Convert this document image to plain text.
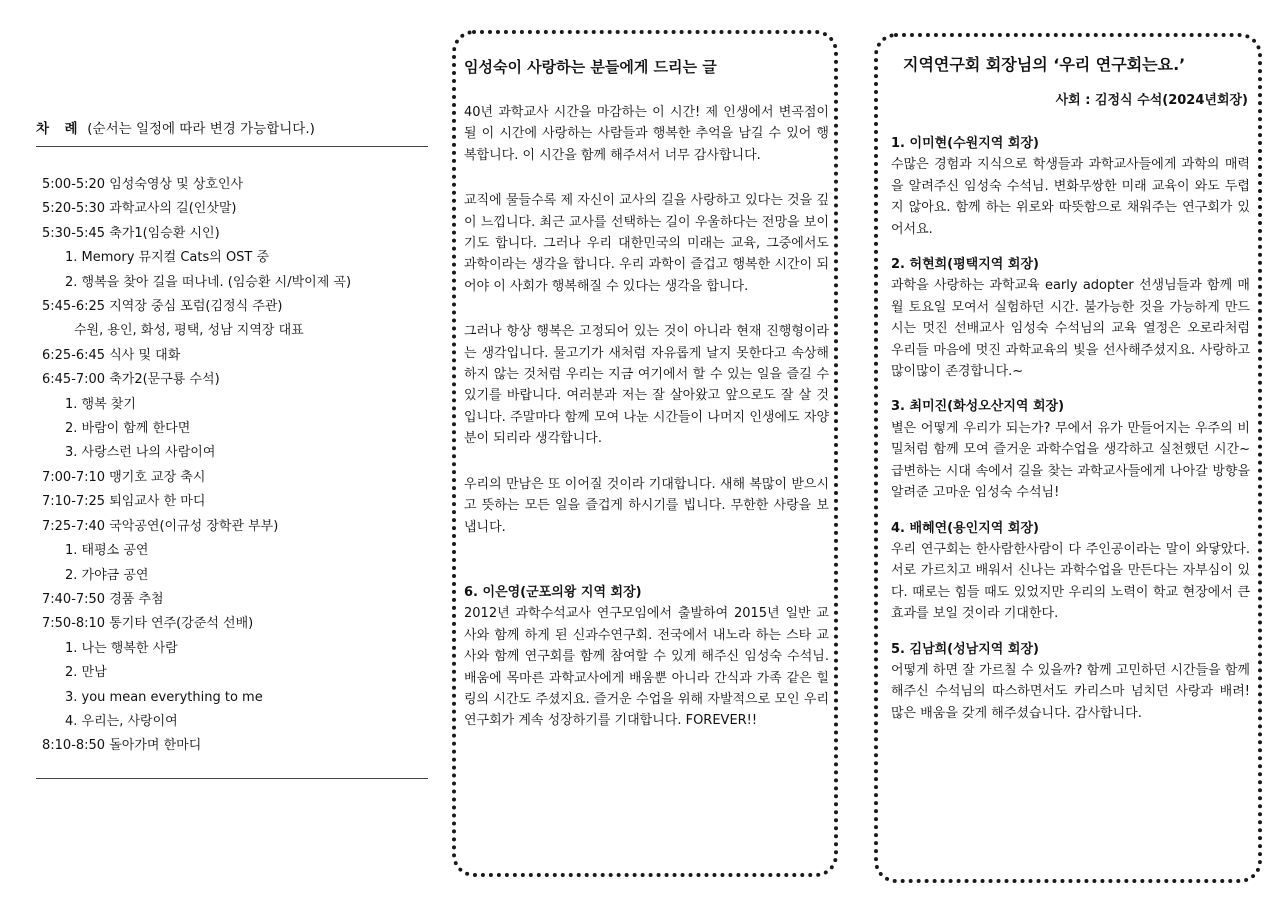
차 례 (순서는 일정에 따라 변경 가능합니다.)
5:00-5:20 임성숙영상 및 상호인사
5:20-5:30 과학교사의 길(인삿말)
5:30-5:45 축가1(임승환 시인)
1. Memory 뮤지컬 Cats의 OST 중
2. 행복을 찾아 길을 떠나네. (임승환 시/박이제 곡)
5:45-6:25 지역장 중심 포럼(김정식 주관)
수원, 용인, 화성, 평택, 성남 지역장 대표
6:25-6:45 식사 및 대화
6:45-7:00 축가2(문구룡 수석)
1. 행복 찾기
2. 바람이 함께 한다면
3. 사랑스런 나의 사람이여
7:00-7:10 맹기호 교장 축시
7:10-7:25 퇴임교사 한 마디
7:25-7:40 국악공연(이규성 장학관 부부)
1. 태평소 공연
2. 가야금 공연
7:40-7:50 경품 추첨
7:50-8:10 통기타 연주(강준석 선배)
1. 나는 행복한 사람
2. 만남
3. you mean everything to me
4. 우리는, 사랑이여
8:10-8:50 돌아가며 한마디
임성숙이 사랑하는 분들에게 드리는 글

40년 과학교사 시간을 마감하는 이 시간! 제 인생에서 변곡점이 될 이 시간에 사랑하는 사람들과 행복한 추억을 남길 수 있어 행복합니다. 이 시간을 함께 해주셔서 너무 감사합니다.

교직에 물들수록 제 자신이 교사의 길을 사랑하고 있다는 것을 깊이 느낍니다. 최근 교사를 선택하는 길이 우울하다는 전망을 보이기도 합니다. 그러나 우리 대한민국의 미래는 교육, 그중에서도 과학이라는 생각을 합니다. 우리 과학이 즐겁고 행복한 시간이 되어야 이 사회가 행복해질 수 있다는 생각을 합니다.

그러나 항상 행복은 고정되어 있는 것이 아니라 현재 진행형이라는 생각입니다. 물고기가 새처럼 자유롭게 날지 못한다고 속상해하지 않는 것처럼 우리는 지금 여기에서 할 수 있는 일을 즐길 수 있기를 바랍니다. 여러분과 저는 잘 살아왔고 앞으로도 잘 살 것입니다. 주말마다 함께 모여 나눈 시간들이 나머지 인생에도 자양분이 되리라 생각합니다.

우리의 만남은 또 이어질 것이라 기대합니다. 새해 복많이 받으시고 뜻하는 모든 일을 즐겁게 하시기를 빕니다. 무한한 사랑을 보냅니다.

6. 이은영(군포의왕 지역 회장)

2012년 과학수석교사 연구모임에서 출발하여 2015년 일반 교사와 함께 하게 된 신과수연구회. 전국에서 내노라 하는 스타 교사와 함께 연구회를 함께 참여할 수 있게 해주신 임성숙 수석님. 배움에 목마른 과학교사에게 배움뿐 아니라 간식과 가족 같은 힐링의 시간도 주셨지요. 즐거운 수업을 위해 자발적으로 모인 우리 연구회가 계속 성장하기를 기대합니다. FOREVER!!

지역연구회 회장님의 ‘우리 연구회는요.’

사회 : 김정식 수석(2024년회장)

1. 이미현(수원지역 회장)

수많은 경험과 지식으로 학생들과 과학교사들에게 과학의 매력을 알려주신 임성숙 수석님. 변화무쌍한 미래 교육이 와도 두렵지 않아요. 함께 하는 위로와 따뜻함으로 채워주는 연구회가 있어서요.

2. 허현희(평택지역 회장)

과학을 사랑하는 과학교육 early adopter 선생님들과 함께 매월 토요일 모여서 실험하던 시간. 불가능한 것을 가능하게 만드시는 멋진 선배교사 임성숙 수석님의 교육 열정은 오로라처럼 우리들 마음에 멋진 과학교육의 빛을 선사해주셨지요. 사랑하고 많이많이 존경합니다.~

3. 최미진(화성오산지역 회장)

별은 어떻게 우리가 되는가? 무에서 유가 만들어지는 우주의 비밀처럼 함께 모여 즐거운 과학수업을 생각하고 실천했던 시간~ 급변하는 시대 속에서 길을 찾는 과학교사들에게 나아갈 방향을 알려준 고마운 임성숙 수석님!

4. 배혜연(용인지역 회장)

우리 연구회는 한사람한사람이 다 주인공이라는 말이 와닿았다. 서로 가르치고 배워서 신나는 과학수업을 만든다는 자부심이 있다. 때로는 힘들 때도 있었지만 우리의 노력이 학교 현장에서 큰 효과를 보일 것이라 기대한다.

5. 김남희(성남지역 회장)

어떻게 하면 잘 가르칠 수 있을까? 함께 고민하던 시간들을 함께 해주신 수석님의 따스하면서도 카리스마 넘치던 사랑과 배려! 많은 배움을 갖게 해주셨습니다. 감사합니다.
